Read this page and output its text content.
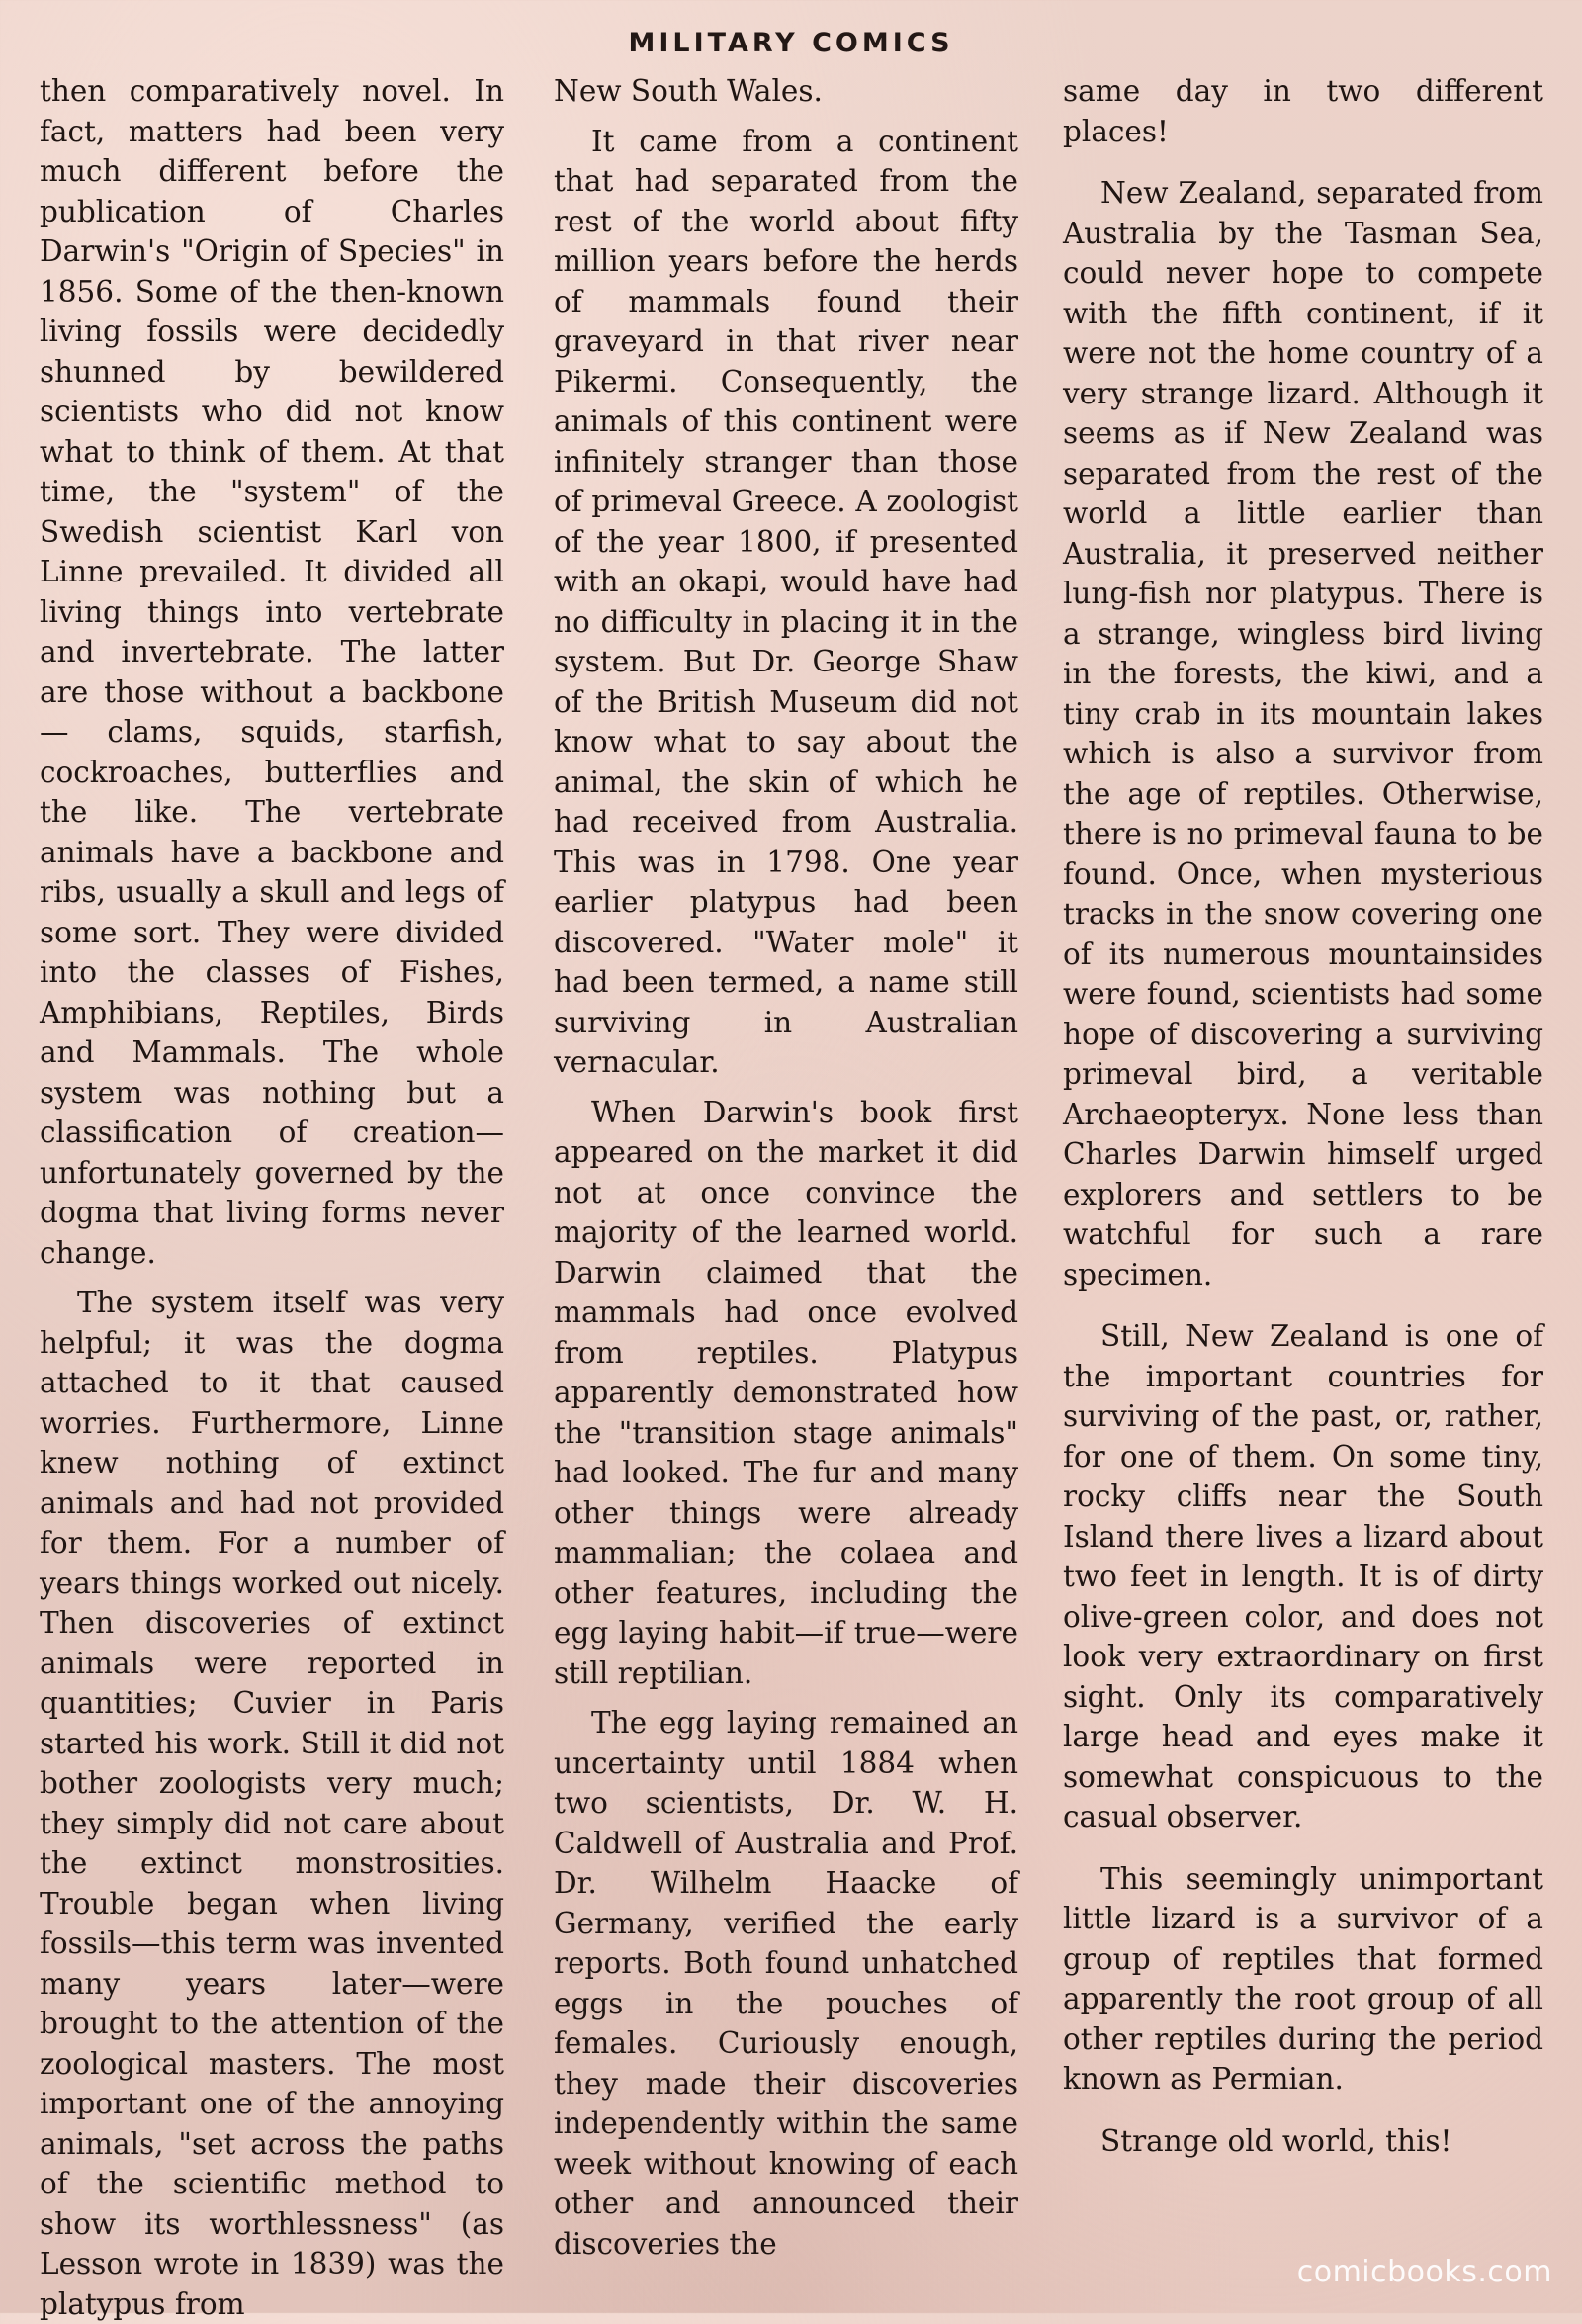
MILITARY COMICS

then comparatively novel. In fact, matters had been very much different before the publication of Charles Darwin's "Origin of Species" in 1856. Some of the then-known living fossils were decidedly shunned by bewildered scientists who did not know what to think of them. At that time, the "system" of the Swedish scientist Karl von Linne prevailed. It divided all living things into vertebrate and invertebrate. The latter are those without a backbone — clams, squids, starfish, cockroaches, butterflies and the like. The vertebrate animals have a backbone and ribs, usually a skull and legs of some sort. They were divided into the classes of Fishes, Amphibians, Reptiles, Birds and Mammals. The whole system was nothing but a classification of creation—unfortunately governed by the dogma that living forms never change.

The system itself was very helpful; it was the dogma attached to it that caused worries. Furthermore, Linne knew nothing of extinct animals and had not provided for them. For a number of years things worked out nicely. Then discoveries of extinct animals were reported in quantities; Cuvier in Paris started his work. Still it did not bother zoologists very much; they simply did not care about the extinct monstrosities. Trouble began when living fossils—this term was invented many years later—were brought to the attention of the zoological masters. The most important one of the annoying animals, "set across the paths of the scientific method to show its worthlessness" (as Lesson wrote in 1839) was the platypus from

New South Wales.

It came from a continent that had separated from the rest of the world about fifty million years before the herds of mammals found their graveyard in that river near Pikermi. Consequently, the animals of this continent were infinitely stranger than those of primeval Greece. A zoologist of the year 1800, if presented with an okapi, would have had no difficulty in placing it in the system. But Dr. George Shaw of the British Museum did not know what to say about the animal, the skin of which he had received from Australia. This was in 1798. One year earlier platypus had been discovered. "Water mole" it had been termed, a name still surviving in Australian vernacular.

When Darwin's book first appeared on the market it did not at once convince the majority of the learned world. Darwin claimed that the mammals had once evolved from reptiles. Platypus apparently demonstrated how the "transition stage animals" had looked. The fur and many other things were already mammalian; the colaea and other features, including the egg laying habit—if true—were still reptilian.

The egg laying remained an uncertainty until 1884 when two scientists, Dr. W. H. Caldwell of Australia and Prof. Dr. Wilhelm Haacke of Germany, verified the early reports. Both found unhatched eggs in the pouches of females. Curiously enough, they made their discoveries independently within the same week without knowing of each other and announced their discoveries the

same day in two different places!

New Zealand, separated from Australia by the Tasman Sea, could never hope to compete with the fifth continent, if it were not the home country of a very strange lizard. Although it seems as if New Zealand was separated from the rest of the world a little earlier than Australia, it preserved neither lung-fish nor platypus. There is a strange, wingless bird living in the forests, the kiwi, and a tiny crab in its mountain lakes which is also a survivor from the age of reptiles. Otherwise, there is no primeval fauna to be found. Once, when mysterious tracks in the snow covering one of its numerous mountainsides were found, scientists had some hope of discovering a surviving primeval bird, a veritable Archaeopteryx. None less than Charles Darwin himself urged explorers and settlers to be watchful for such a rare specimen.

Still, New Zealand is one of the important countries for surviving of the past, or, rather, for one of them. On some tiny, rocky cliffs near the South Island there lives a lizard about two feet in length. It is of dirty olive-green color, and does not look very extraordinary on first sight. Only its comparatively large head and eyes make it somewhat conspicuous to the casual observer.

This seemingly unimportant little lizard is a survivor of a group of reptiles that formed apparently the root group of all other reptiles during the period known as Permian.

Strange old world, this!

comicbooks.com
